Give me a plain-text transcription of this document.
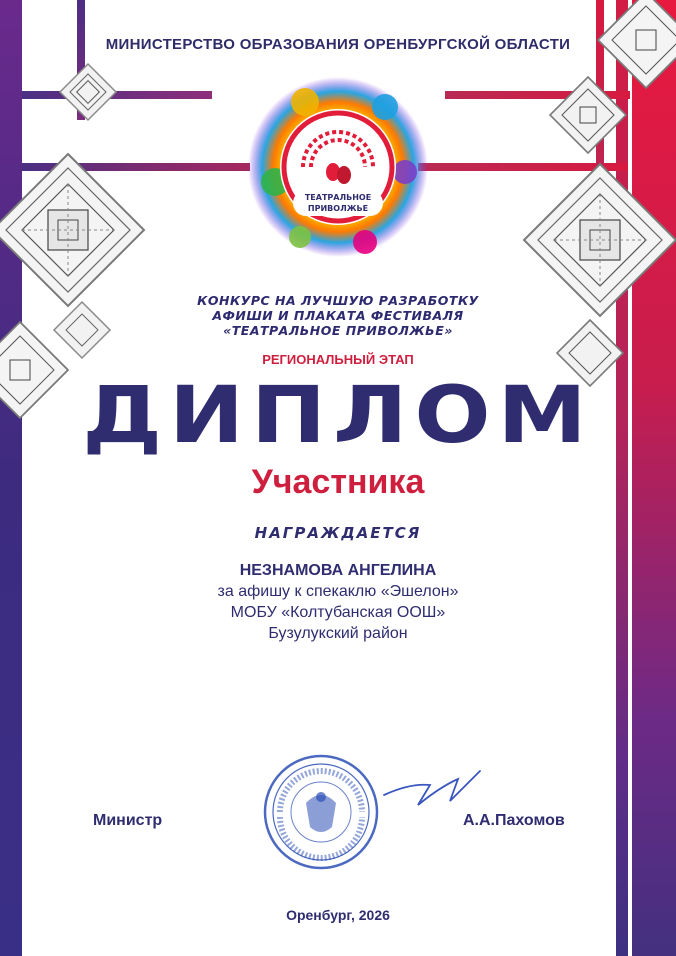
МИНИСТЕРСТВО ОБРАЗОВАНИЯ ОРЕНБУРГСКОЙ ОБЛАСТИ
ТЕАТРАЛЬНОЕ
ПРИВОЛЖЬЕ
КОНКУРС НА ЛУЧШУЮ РАЗРАБОТКУ
АФИШИ И ПЛАКАТА ФЕСТИВАЛЯ
«ТЕАТРАЛЬНОЕ ПРИВОЛЖЬЕ»
РЕГИОНАЛЬНЫЙ ЭТАП
ДИПЛОМ
Участника
НАГРАЖДАЕТСЯ
НЕЗНАМОВА АНГЕЛИНА
за афишу к спекаклю «Эшелон»
МОБУ «Колтубанская ООШ»
Бузулукский район
Министр	А.А.Пахомов
Оренбург, 2026
